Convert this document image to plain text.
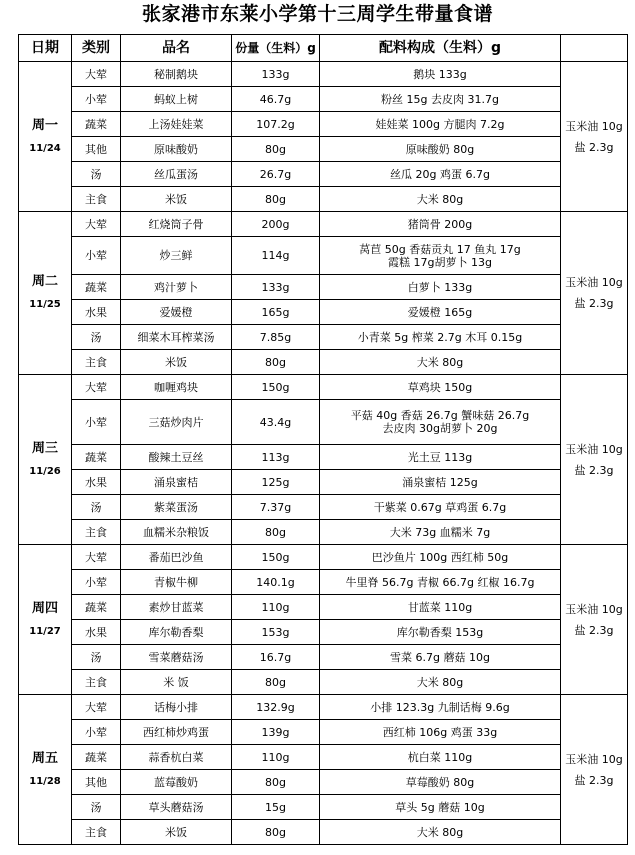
张家港市东莱小学第十三周学生带量食谱
日期	类别	品名	份量（生料）g	配料构成（生料）g	

周一
11/24	大荤	秘制鹅块	133g	鹅块 133g	玉米油 10g
盐 2.3g

	小荤	蚂蚁上树	46.7g	粉丝 15g 去皮肉 31.7g	

	蔬菜	上汤娃娃菜	107.2g	娃娃菜 100g 方腿肉 7.2g	

	其他	原味酸奶	80g	原味酸奶 80g	

	汤	丝瓜蛋汤	26.7g	丝瓜 20g 鸡蛋 6.7g	

	主食	米饭	80g	大米 80g	

周二
11/25	大荤	红烧筒子骨	200g	猪筒骨 200g	玉米油 10g
盐 2.3g

	小荤	炒三鲜	114g	莴苣 50g 香菇贡丸 17 鱼丸 17g
霞糕 17g胡萝卜 13g	

	蔬菜	鸡汁萝卜	133g	白萝卜 133g	

	水果	爱媛橙	165g	爱媛橙 165g	

	汤	细菜木耳榨菜汤	7.85g	小青菜 5g 榨菜 2.7g 木耳 0.15g	

	主食	米饭	80g	大米 80g	

周三
11/26	大荤	咖喱鸡块	150g	草鸡块 150g	玉米油 10g
盐 2.3g

	小荤	三菇炒肉片	43.4g	平菇 40g 香菇 26.7g 蟹味菇 26.7g
去皮肉 30g胡萝卜 20g	

	蔬菜	酸辣土豆丝	113g	光土豆 113g	

	水果	涌泉蜜桔	125g	涌泉蜜桔 125g	

	汤	紫菜蛋汤	7.37g	干紫菜 0.67g 草鸡蛋 6.7g	

	主食	血糯米杂粮饭	80g	大米 73g 血糯米 7g	

周四
11/27	大荤	番茄巴沙鱼	150g	巴沙鱼片 100g 西红柿 50g	玉米油 10g
盐 2.3g

	小荤	青椒牛柳	140.1g	牛里脊 56.7g 青椒 66.7g 红椒 16.7g	

	蔬菜	素炒甘蓝菜	110g	甘蓝菜 110g	

	水果	库尔勒香梨	153g	库尔勒香梨 153g	

	汤	雪菜蘑菇汤	16.7g	雪菜 6.7g 蘑菇 10g	

	主食	米 饭	80g	大米 80g	

周五
11/28	大荤	话梅小排	132.9g	小排 123.3g 九制话梅 9.6g	玉米油 10g
盐 2.3g

	小荤	西红柿炒鸡蛋	139g	西红柿 106g 鸡蛋 33g	

	蔬菜	蒜香杭白菜	110g	杭白菜 110g	

	其他	蓝莓酸奶	80g	草莓酸奶 80g	

	汤	草头蘑菇汤	15g	草头 5g 蘑菇 10g	

	主食	米饭	80g	大米 80g	
